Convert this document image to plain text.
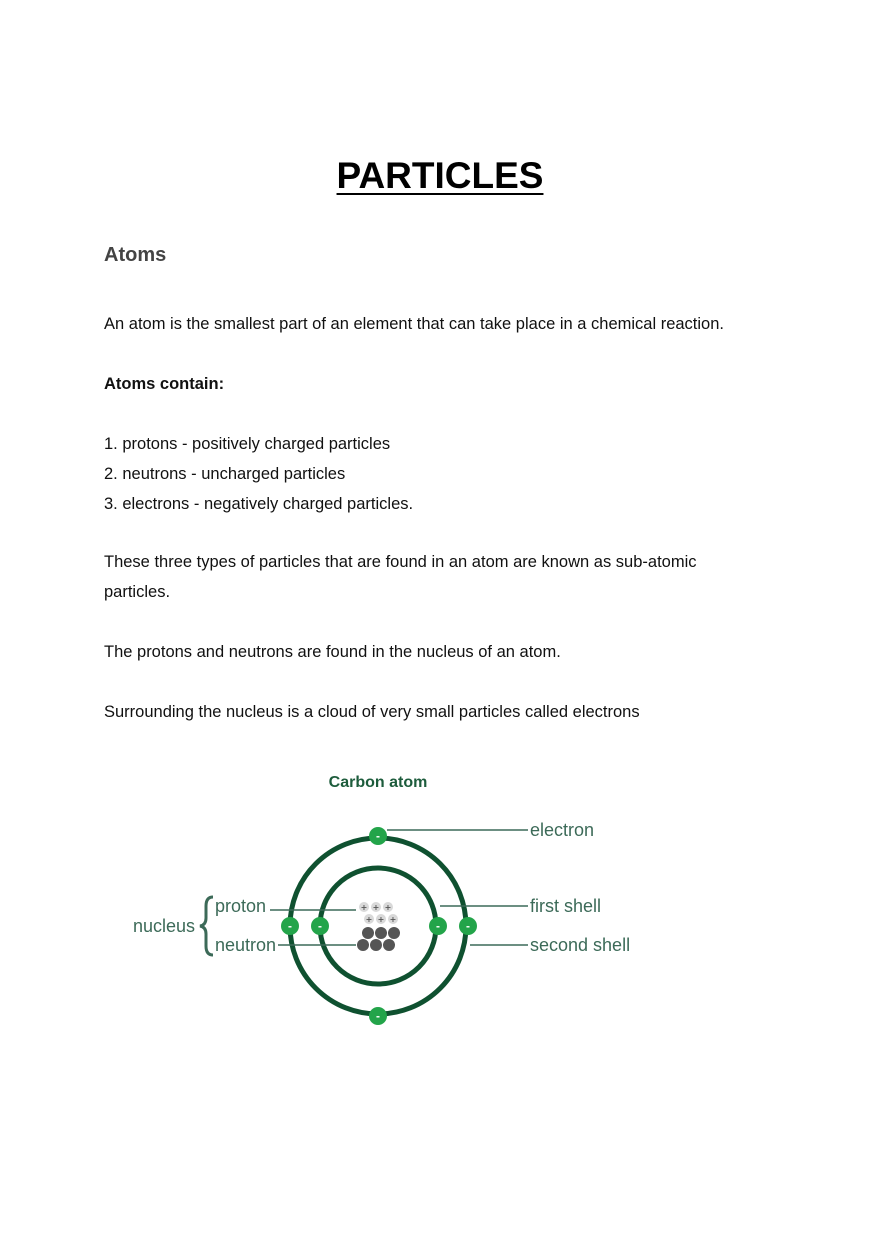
PARTICLES
Atoms

An atom is the smallest part of an element that can take place in a chemical reaction.

Atoms contain:

1. protons - positively charged particles
2. neutrons - uncharged particles
3. electrons - negatively charged particles.

These three types of particles that are found in an atom are known as sub-atomic particles.

The protons and neutrons are found in the nucleus of an atom.

Surrounding the nucleus is a cloud of very small particles called electrons

Carbon atom
-
-
- -	- -
+ + +
+ + +
electron
first shell
second shell
nucleus
proton
neutron
